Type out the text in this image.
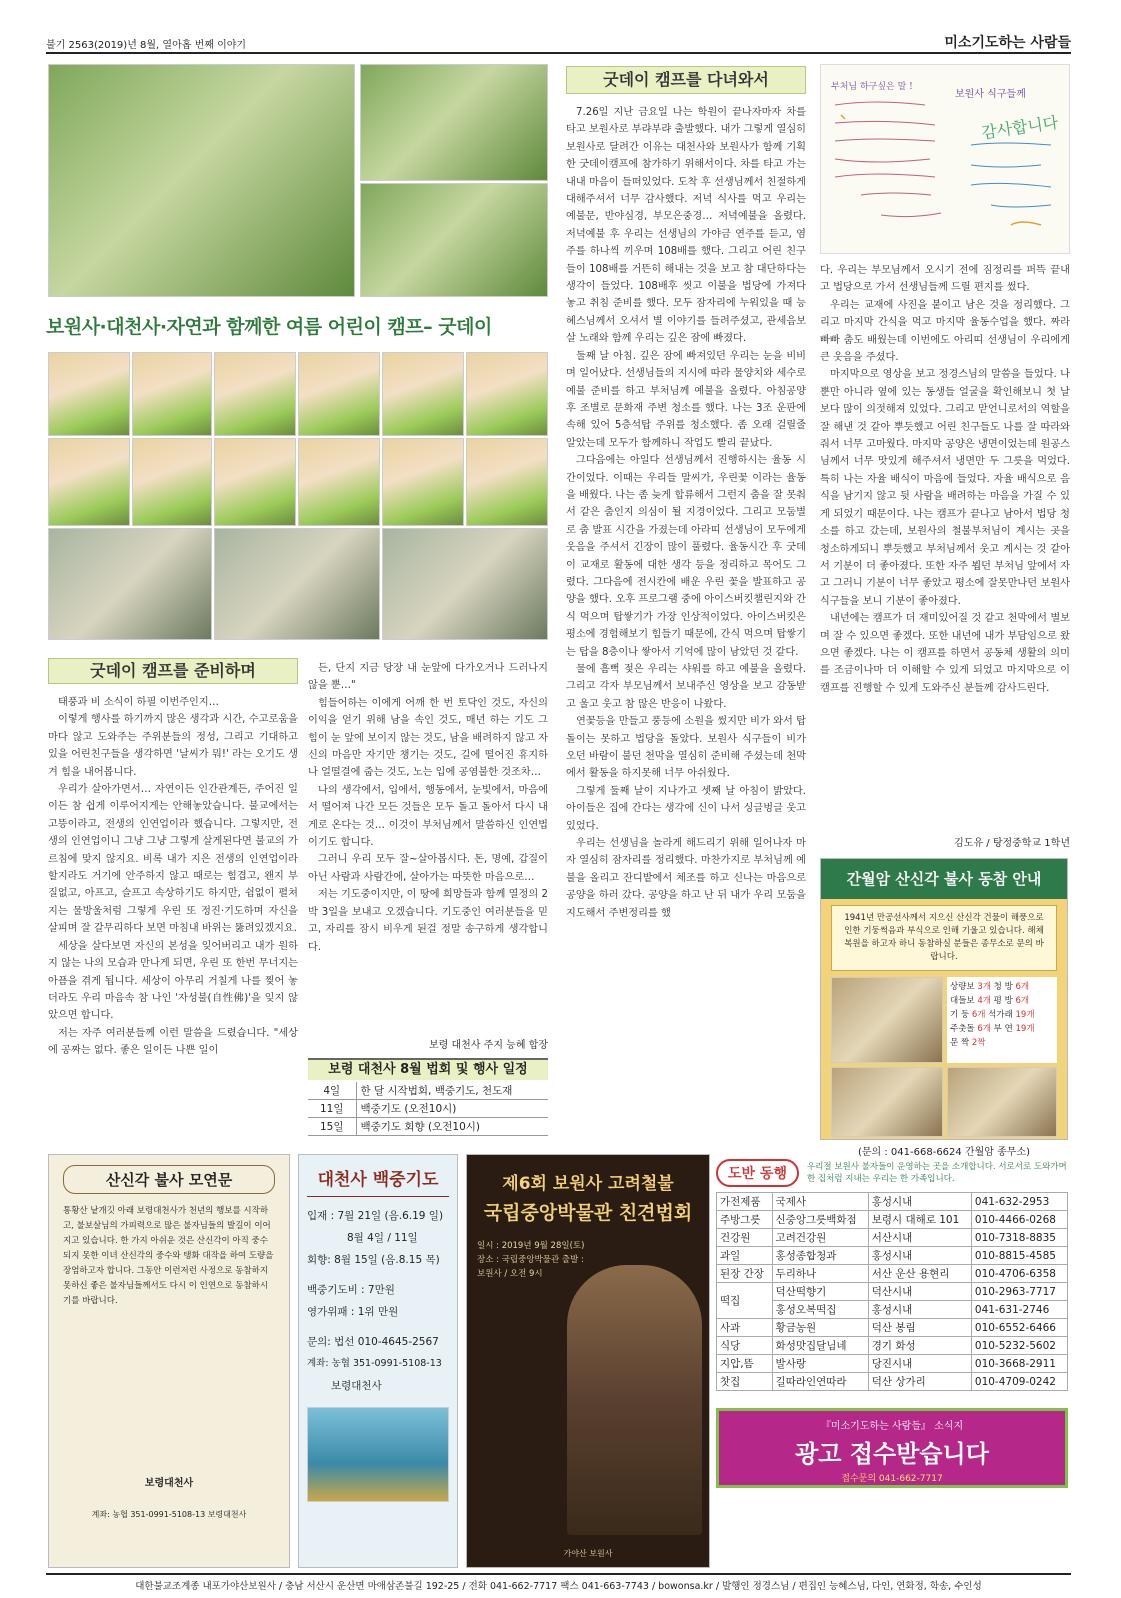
불기 2563(2019)년 8월, 열아홉 번째 이야기	미소기도하는 사람들
보원사·대천사·자연과 함께한 여름 어린이 캠프– 굿데이
굿데이 캠프를 준비하며

태풍과 비 소식이 하필 이번주인지…

이렇게 행사를 하기까지 많은 생각과 시간, 수고로움을 마다 않고 도와주는 주위분들의 정성, 그리고 기대하고 있을 어린친구들을 생각하면 '날씨가 뭐!' 라는 오기도 생겨 힘을 내어봅니다.

우리가 살아가면서… 자연이든 인간관계든, 주어진 일이든 참 쉽게 이루어지게는 안해놓았습니다. 불교에서는 고뜽이라고, 전생의 인연업이라 했습니다. 그렇지만, 전생의 인연업이니 그냥 그냥 그렇게 살게된다면 불교의 가르침에 맞지 않지요. 비록 내가 지은 전생의 인연업이라 할지라도 거기에 안주하지 않고 때로는 힘겹고, 왠지 부질없고, 아프고, 슬프고 속상하기도 하지만, 쉼없이 펼쳐지는 물방울처럼 그렇게 우린 또 정진·기도하며 자신을 살피며 잘 갈무리하다 보면 마침내 바위는 뚫려있겠지요.

세상을 살다보면 자신의 본성을 잊어버리고 내가 원하지 않는 나의 모습과 만나게 되면, 우린 또 한번 무너지는 아픔을 겪게 됩니다. 세상이 아무리 거칠게 나를 찢어 놓더라도 우리 마음속 참 나인 '자성불(自性佛)'을 잊지 않았으면 합니다.

저는 자주 여러분들께 이런 말씀을 드렸습니다. "세상에 공짜는 없다. 좋은 일이든 나쁜 일이

든, 단지 지금 당장 내 눈앞에 다가오거나 드러나지 않을 뿐…"

힘들어하는 이에게 어깨 한 번 토닥인 것도, 자신의 이익을 얻기 위해 남을 속인 것도, 매년 하는 기도 그 힘이 눈 앞에 보이지 않는 것도, 남을 배려하지 않고 자신의 마음만 자기만 챙기는 것도, 길에 떨어진 휴지하나 얼떨결에 줍는 것도, 노는 입에 공염불한 것조차…

나의 생각에서, 입에서, 행동에서, 눈빛에서, 마음에서 떨어져 나간 모든 것들은 모두 돌고 돌아서 다시 내게로 온다는 것… 이것이 부처님께서 말씀하신 인연법이기도 합니다.

그러니 우리 모두 잘~살아봅시다. 돈, 명예, 갑질이 아닌 사람과 사람간에, 살아가는 따뜻한 마음으로…

저는 기도중이지만, 이 땅에 희망들과 함께 열정의 2박 3일을 보내고 오겠습니다. 기도중인 여러분들을 믿고, 자리를 잠시 비우게 된걸 정말 송구하게 생각합니다.

보령 대천사 주지 능혜 합장
보령 대천사 8월 법회 및 행사 일정
4일	한 달 시작법회, 백중기도, 천도재
11일	백중기도 (오전10시)
15일	백중기도 회향 (오전10시)
굿데이 캠프를 다녀와서

7.26일 지난 금요일 나는 학원이 끝나자마자 차를 타고 보원사로 부랴부랴 출발했다. 내가 그렇게 열심히 보원사로 달려간 이유는 대천사와 보원사가 함께 기획한 굿데이캠프에 참가하기 위해서이다. 차를 타고 가는 내내 마음이 들떠있었다. 도착 후 선생님께서 친절하게 대해주셔서 너무 감사했다. 저녁 식사를 먹고 우리는 예불문, 반야심경, 부모은중경… 저녁예불을 올렸다. 저녁예불 후 우리는 선생님의 가야금 연주를 듣고, 염주를 하나씩 끼우며 108배를 했다. 그리고 어린 친구들이 108배를 거뜬히 해내는 것을 보고 참 대단하다는 생각이 들었다. 108배후 씻고 이불을 법당에 가져다 놓고 취침 준비를 했다. 모두 잠자리에 누워있을 때 능혜스님께서 오셔서 별 이야기를 들려주셨고, 관세음보살 노래와 함께 우리는 깊은 잠에 빠졌다.

둘째 날 아침. 깊은 잠에 빠져있던 우리는 눈을 비비며 일어났다. 선생님들의 지시에 따라 물양치와 세수로 예불 준비를 하고 부처님께 예불을 올렸다. 아침공양 후 조별로 문화재 주변 청소를 했다. 나는 3조 운판에 속해 있어 5층석탑 주위를 청소했다. 좀 오래 걸릴줄 알았는데 모두가 함께하니 작업도 빨리 끝났다.

그다음에는 아일다 선생님께서 진행하시는 율동 시간이었다. 이때는 우리들 말씨가, 우린꽃 이라는 율동을 배웠다. 나는 좀 늦게 합류해서 그런지 춤을 잘 못춰서 같은 춤인지 의심이 될 지경이었다. 그리고 모둠별로 춤 발표 시간을 가졌는데 아라띠 선생님이 모두에게 웃음을 주셔서 긴장이 많이 풀렸다. 율동시간 후 굿데이 교재로 활동에 대한 생각 등을 정리하고 목어도 그렸다. 그다음에 전시칸에 배운 우린 꽃을 발표하고 공양을 했다. 오후 프로그램 중에 아이스버킷챌린지와 간식 먹으며 탑쌓기가 가장 인상적이었다. 아이스버킷은 평소에 경험해보기 힘들기 때문에, 간식 먹으며 탑쌓기는 탑을 8층이나 쌓아서 기억에 많이 남았던 것 같다.

물에 흠뻑 젖은 우리는 샤워를 하고 예불을 올렸다. 그리고 각자 부모님께서 보내주신 영상을 보고 감동받고 울고 웃고 참 많은 반응이 나왔다.

연꽃등을 만들고 풍등에 소원을 썼지만 비가 와서 탑돌이는 못하고 법당을 돌았다. 보원사 식구들이 비가 오던 바람이 불던 천막을 열심히 준비해 주셨는데 천막에서 활동을 하지못해 너무 아쉬웠다.

그렇게 둘째 날이 지나가고 셋째 날 아침이 밝았다. 아이들은 집에 간다는 생각에 신이 나서 싱글벙글 웃고 있었다.

우리는 선생님을 놀라게 해드리기 위해 일어나자 마자 열심히 잠자리를 정리했다. 마찬가지로 부처님께 예불을 올리고 잔디밭에서 체조를 하고 신나는 마음으로 공양을 하러 갔다. 공양을 하고 난 뒤 내가 우리 모둠을 지도해서 주변정리를 했

부처님 하구싶은 말 !
보원사 식구들께
감사합니다

다. 우리는 부모님께서 오시기 전에 짐정리를 퍼뜩 끝내고 법당으로 가서 선생님들께 드릴 편지를 썼다.

우리는 교재에 사진을 붙이고 남은 것을 정리했다. 그리고 마지막 간식을 먹고 마지막 율동수업을 했다. 짜라빠빠 춤도 배웠는데 이번에도 아리띠 선생님이 우리에게 큰 웃음을 주셨다.

마지막으로 영상을 보고 정경스님의 말씀을 들었다. 나 뿐만 아니라 옆에 있는 동생들 얼굴을 확인해보니 첫 날보다 많이 의젓해져 있었다. 그리고 맏언니로서의 역할을 잘 해낸 것 같아 뿌듯했고 어린 친구들도 나를 잘 따라와줘서 너무 고마웠다. 마지막 공양은 냉면이었는데 원공스님께서 너무 맛있게 해주셔서 냉면만 두 그릇을 먹었다. 특히 나는 자율 배식이 마음에 들었다. 자율 배식으로 음식을 남기지 않고 뒷 사람을 배려하는 마음을 가질 수 있게 되었기 때문이다. 나는 캠프가 끝나고 남아서 법당 청소를 하고 갔는데, 보원사의 철불부처님이 계시는 곳을 청소하게되니 뿌듯했고 부처님께서 웃고 계시는 것 같아서 기분이 더 좋아졌다. 또한 자주 뵙던 부처님 앞에서 자고 그러니 기분이 너무 좋았고 평소에 잘못만나던 보원사 식구들을 보니 기분이 좋아졌다.

내년에는 캠프가 더 재미있어질 것 같고 천막에서 별보며 잘 수 있으면 좋겠다. 또한 내년에 내가 부담임으로 왔으면 좋겠다. 나는 이 캠프를 하면서 공동체 생활의 의미를 조금이나마 더 이해할 수 있게 되었고 마지막으로 이 캠프를 진행할 수 있게 도와주신 분들께 감사드린다.

김도유 / 탕정중학교 1학년
간월암 산신각 불사 동참 안내
1941년 만공선사께서 지으신 산신각 건물이 해풍으로 인한 기둥썩음과 부식으로 인해 기울고 있습니다. 해체복원을 하고자 하니 동참하실 분들은 종무소로 문의 바랍니다.
상량보 3개 청 방 6개
대들보 4개 평 방 6개
기 둥 6개 석가래 19개
주춧돌 6개 부 연 19개
문 짝 2짝
(문의 : 041-668-6624 간월암 종무소)
산신각 불사 모연문
통황산 낱개깃 아래 보령대천사가 천년의 행보를 시작하고, 불보살님의 가피력으로 많은 불자님들의 발길이 이어지고 있습니다. 한 가지 아쉬운 것은 산신각이 아직 중수되지 못한 이녀 산신각의 중수와 탱화 대작을 하여 도량을 장엄하고자 합니다. 그동안 이런저런 사정으로 동참하지 못하신 좋은 불자님들께서도 다시 이 인연으로 동참하시기를 바랍니다.
보령대천사
계좌: 농협 351-0991-5108-13 보령대천사
대천사 백중기도
입재 : 7월 21일 (음.6.19 일)
8월 4일 / 11일
회향: 8월 15일 (음.8.15 목)
백중기도비 : 7만원
영가위패 : 1위 만원
문의: 법선 010-4645-2567
계좌: 농협 351-0991-5108-13
보령대천사
제6회 보원사 고려철불
국립중앙박물관 친견법회
일시 : 2019년 9월 28일(토) 장소 : 국립중앙박물관 출발 : 보원사 / 오전 9시
가야산 보원사
도반 동행	우리절 보원사 불자들이 운영하는 곳을 소개합니다. 서로서로 도와가며 한 집처럼 지내는 우리는 한 가족입니다.
가전제품	국제사	홍성시내	041-632-2953
주방그릇	신중앙그릇백화점	보령시 대해로 101	010-4466-0268
건강원	고려건강원	서산시내	010-7318-8835
과일	홍성종합청과	홍성시내	010-8815-4585
된장 간장	두리하나	서산 운산 용현리	010-4706-6358
떡집	덕산떡향기	덕산시내	010-2963-7717
	홍성오복떡집	홍성시내	041-631-2746
사과	황금농원	덕산 봉림	010-6552-6466
식당	화성맛집달님네	경기 화성	010-5232-5602
지압,뜸	발사랑	당진시내	010-3668-2911
찻집	길따라인연따라	덕산 상가리	010-4709-0242
『미소기도하는 사람들』 소식지
광고 접수받습니다
접수문의 041-662-7717
대한불교조계종 내포가야산보원사 / 충남 서산시 운산면 마애삼존불길 192-25 / 전화 041-662-7717 팩스 041-663-7743 / bowonsa.kr / 발행인 정경스님 / 편집인 능혜스님, 다인, 연화정, 학송, 수인성
